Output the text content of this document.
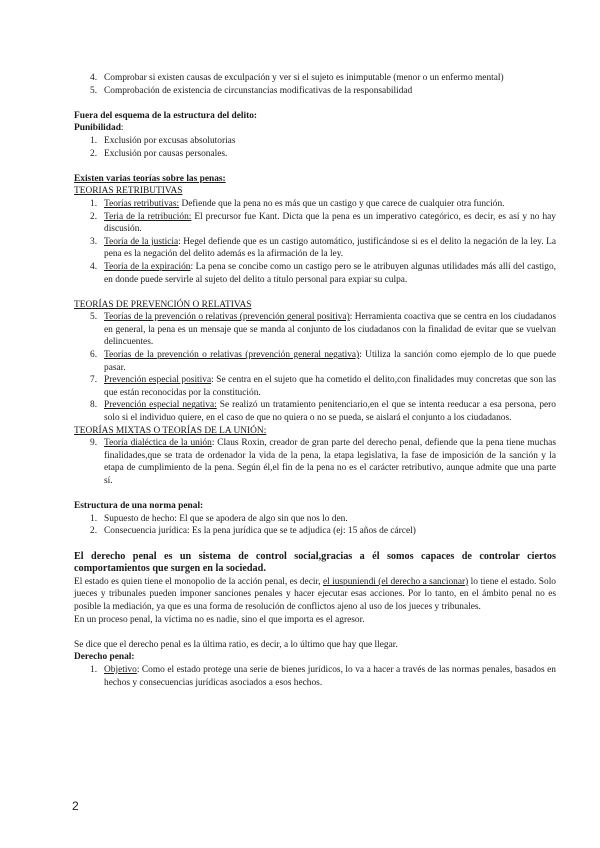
4. Comprobar si existen causas de exculpación y ver si el sujeto es inimputable (menor o un enfermo mental)

5. Comprobación de existencia de circunstancias modificativas de la responsabilidad

Fuera del esquema de la estructura del delito:

Punibilidad:

1. Exclusión por excusas absolutorias

2. Exclusión por causas personales.

Existen varias teorías sobre las penas:

TEORIAS RETRIBUTIVAS

1. Teorías retributivas: Defiende que la pena no es más que un castigo y que carece de cualquier otra función.

2. Teria de la retribución: El precursor fue Kant. Dicta que la pena es un imperativo categórico, es decir, es así y no hay discusión.

3. Teoría de la justicia: Hegel defiende que es un castigo automático, justificándose si es el delito la negación de la ley. La pena es la negación del delito además es la afirmación de la ley.

4. Teoría de la expiración: La pena se concibe como un castigo pero se le atribuyen algunas utilidades más allí del castigo, en donde puede servirle al sujeto del delito a título personal para expiar su culpa.

TEORÍAS DE PREVENCIÓN O RELATIVAS

5. Teorías de la prevención o relativas (prevención general positiva): Herramienta coactiva que se centra en los ciudadanos en general, la pena es un mensaje que se manda al conjunto de los ciudadanos con la finalidad de evitar que se vuelvan delincuentes.

6. Teorías de la prevención o relativas (prevención general negativa): Utiliza la sanción como ejemplo de lo que puede pasar.

7. Prevención especial positiva: Se centra en el sujeto que ha cometido el delito,con finalidades muy concretas que son las que están reconocidas por la constitución.

8. Prevención especial negativa: Se realizó un tratamiento penitenciario,en el que se intenta reeducar a esa persona, pero solo si el individuo quiere, en el caso de que no quiera o no se pueda, se aislará el conjunto a los ciudadanos.

TEORÍAS MIXTAS O TEORÍAS DE LA UNIÓN:

9. Teoría dialéctica de la unión: Claus Roxin, creador de gran parte del derecho penal, defiende que la pena tiene muchas finalidades,que se trata de ordenador la vida de la pena, la etapa legislativa, la fase de imposición de la sanción y la etapa de cumplimiento de la pena. Según él,el fin de la pena no es el carácter retributivo, aunque admite que una parte sí.

Estructura de una norma penal:

1. Supuesto de hecho: El que se apodera de algo sin que nos lo den.

2. Consecuencia jurídica: Es la pena jurídica que se te adjudica (ej: 15 años de cárcel)

El derecho penal es un sistema de control social,gracias a él somos capaces de controlar ciertos comportamientos que surgen en la sociedad.

El estado es quien tiene el monopolio de la acción penal, es decir, el iuspuniendi (el derecho a sancionar) lo tiene el estado. Solo jueces y tribunales pueden imponer sanciones penales y hacer ejecutar esas acciones. Por lo tanto, en el ámbito penal no es posible la mediación, ya que es una forma de resolución de conflictos ajeno al uso de los jueces y tribunales.

En un proceso penal, la víctima no es nadie, sino el que importa es el agresor.

Se dice que el derecho penal es la última ratio, es decir, a lo último que hay que llegar.

Derecho penal:

1. Objetivo: Como el estado protege una serie de bienes jurídicos, lo va a hacer a través de las normas penales, basados en hechos y consecuencias jurídicas asociados a esos hechos.

2
